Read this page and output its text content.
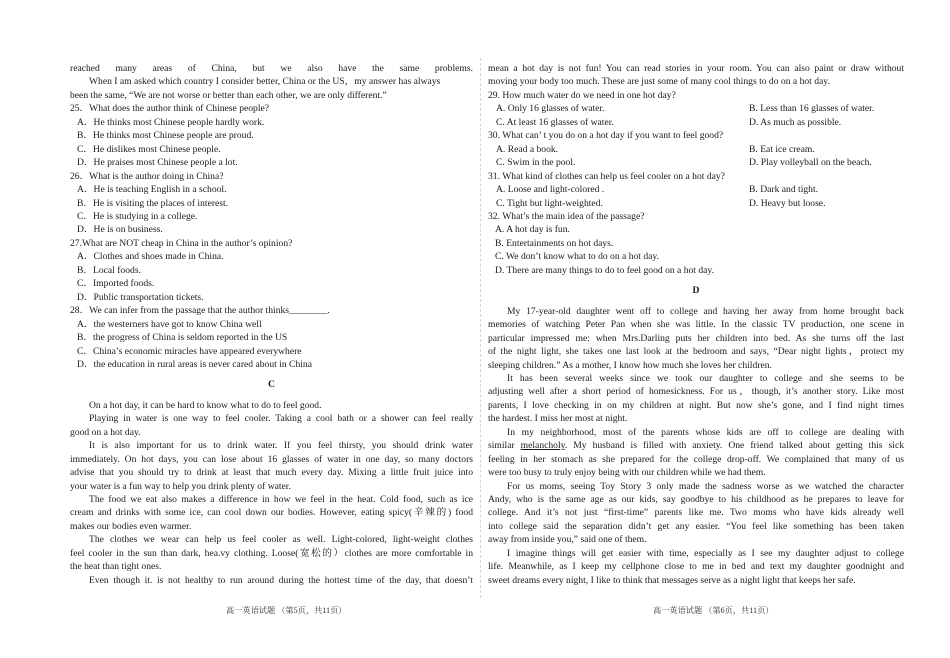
reached many areas of China, but we also have the same problems.
When I am asked which country I consider better, China or the US，my answer has always
been the same, “We are not worse or better than each other, we are only different.”
25．What does the author think of Chinese people?
A．He thinks most Chinese people hardly work.
B．He thinks most Chinese people are proud.
C．He dislikes most Chinese people.
D．He praises most Chinese people a lot.
26．What is the author doing in China?
A．He is teaching English in a school.
B．He is visiting the places of interest.
C．He is studying in a college.
D．He is on business.
27.What are NOT cheap in China in the author’s opinion?
A．Clothes and shoes made in China.
B．Local foods.
C．Imported foods.
D．Public transportation tickets.
28．We can infer from the passage that the author thinks________.
A．the westerners have got to know China well
B．the progress of China is seldom reported in the US
C．China’s economic miracles have appeared everywhere
D．the education in rural areas is never cared about in China
C
On a hot day, it can be hard to know what to do to feel good.
Playing in water is one way to feel cooler. Taking a cool bath or a shower can feel really
good on a hot day.
It is also important for us to drink water. If you feel thirsty, you should drink water
immediately. On hot days, you can lose about 16 glasses of water in one day, so many doctors
advise that you should try to drink at least that much every day. Mixing a little fruit juice into
your water is a fun way to help you drink plenty of water.
The food we eat also makes a difference in how we feel in the heat. Cold food, such as ice
cream and drinks with some ice, can cool down our bodies. However, eating spicy(辛辣的) food
makes our bodies even warmer.
The clothes we wear can help us feel cooler as well. Light-colored, light-weight clothes
feel cooler in the sun than dark, hea.vy clothing. Loose(宽松的）clothes are more comfortable in
the heat than tight ones.
Even though it. is not healthy to run around during the hottest time of the day, that doesn’t
mean a hot day is not fun! You can read stories in your room. You can also paint or draw without
moving your body too much. These are just some of many cool things to do on a hot day.
29. How much water do we need in one hot day?
A. Only 16 glasses of water.	B. Less than 16 glasses of water.
C. At least 16 glasses of water.	D. As much as possible.
30. What can’ t you do on a hot day if you want to feel good?
A. Read a book.	B. Eat ice cream.
C. Swim in the pool.	D. Play volleyball on the beach.
31. What kind of clothes can help us feel cooler on a hot day?
A. Loose and light-colored .	B. Dark and tight.
C. Tight but light-weighted.	D. Heavy but loose.
32. What’s the main idea of the passage?
A. A hot day is fun.
B. Entertainments on hot days.
C. We don’t know what to do on a hot day.
D. There are many things to do to feel good on a hot day.
D
My 17-year-old daughter went off to college and having her away from home brought back
memories of watching Peter Pan when she was little. In the classic TV production, one scene in
particular impressed me: when Mrs.Darling puts her children into bed. As she turns off the last
of the night light, she takes one last look at the bedroom and says, “Dear night lights，protect my
sleeping children.” As a mother, I know how much she loves her children.
It has been several weeks since we took our daughter to college and she seems to be
adjusting well after a short period of homesickness. For us，though, it’s another story. Like most
parents, I love checking in on my children at night. But now she’s gone, and I find night times
the hardest. I miss her most at night.
In my neighborhood, most of the parents whose kids are off to college are dealing with
similar melancholy. My husband is filled with anxiety. One friend talked about getting this sick
feeling in her stomach as she prepared for the college drop-off. We complained that many of us
were too busy to truly enjoy being with our children while we had them.
For us moms, seeing Toy Story 3 only made the sadness worse as we watched the character
Andy, who is the same age as our kids, say goodbye to his childhood as he prepares to leave for
college. And it’s not just “first-time” parents like me. Two moms who have kids already well
into college said the separation didn’t get any easier. “You feel like something has been taken
away from inside you,” said one of them.
I imagine things will get easier with time, especially as I see my daughter adjust to college
life. Meanwhile, as I keep my cellphone close to me in bed and text my daughter goodnight and
sweet dreams every night, I like to think that messages serve as a night light that keeps her safe.
高一英语试题 （第5页，共11页）	高一英语试题 （第6页，共11页）
